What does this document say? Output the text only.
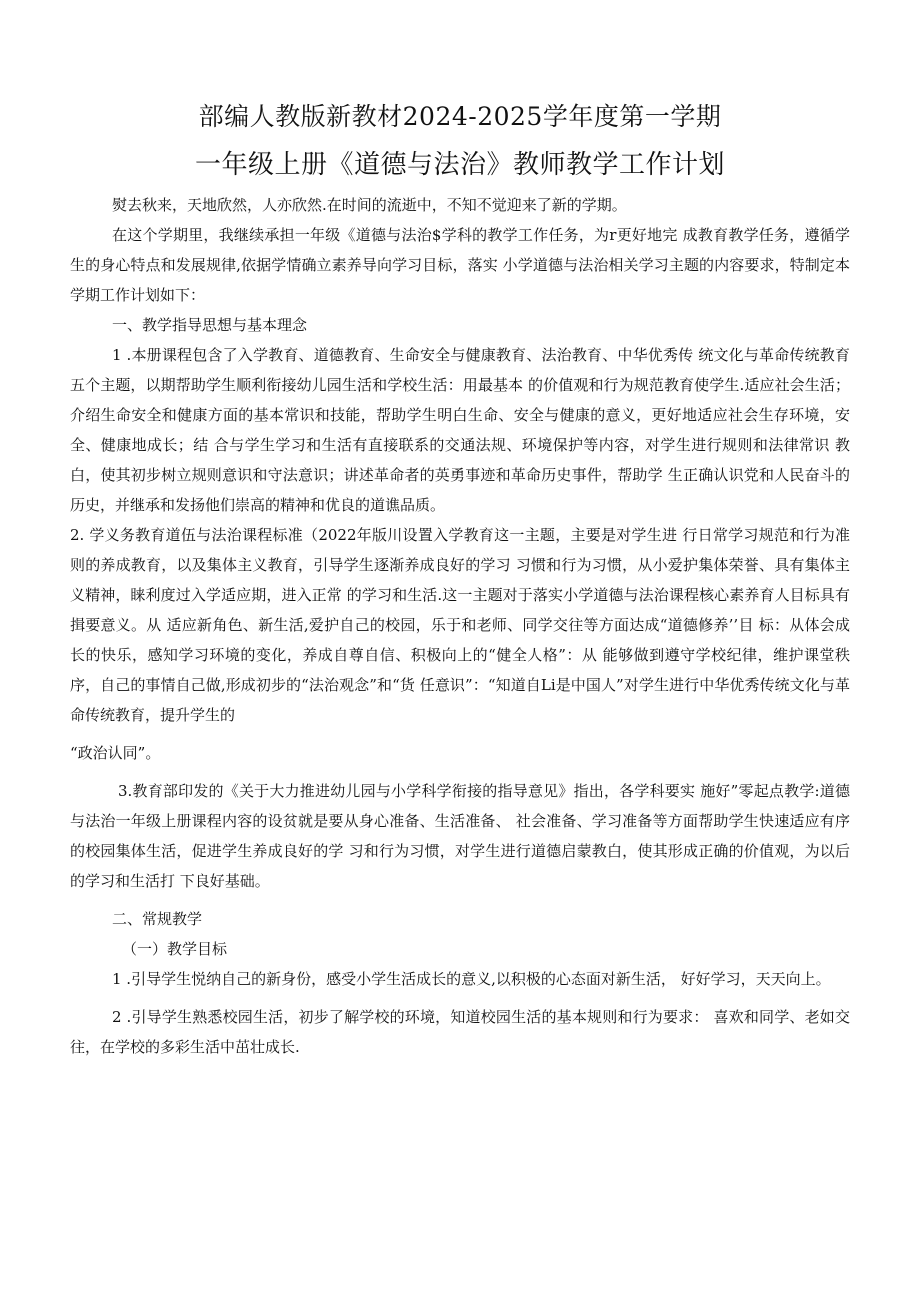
部编人教版新教材2024-2025学年度第一学期
一年级上册《道德与法治》教师教学工作计划

熨去秋来，天地欣然，人亦欣然.在时间的流逝中，不知不觉迎来了新的学期。

在这个学期里，我继续承担一年级《道德与法治$学科的教学工作任务，为r更好地完 成教育教学任务，遵循学生的身心特点和发展规律,依据学情确立素养导向学习目标，落实 小学道德与法治相关学习主题的内容要求，特制定本学期工作计划如下：

一、教学指导思想与基本理念

1 .本册课程包含了入学教育、道德教育、生命安全与健康教育、法治教育、中华优秀传 统文化与革命传统教育五个主题，以期帮助学生顺利衔接幼儿园生活和学校生活：用最基本 的价值观和行为规范教育使学生.适应社会生活；介绍生命安全和健康方面的基本常识和技能，帮助学生明白生命、安全与健康的意义，更好地适应社会生存环境，安全、健康地成长；结 合与学生学习和生活有直接联系的交通法规、环境保护等内容，对学生进行规则和法律常识 教白，使其初步树立规则意识和守法意识；讲述革命者的英勇事迹和革命历史事件，帮助学 生正确认识党和人民奋斗的历史，并继承和发扬他们崇高的精神和优良的道谯品质。

2. 学义务教育道伍与法治课程标准（2022年版川设置入学教育这一主题，主要是对学生进 行日常学习规范和行为准则的养成教育，以及集体主义教育，引导学生逐渐养成良好的学习 习惯和行为习惯，从小爱护集体荣誉、具有集体主义精神，睐利度过入学适应期，进入正常 的学习和生活.这一主题对于落实小学道德与法治课程核心素养育人目标具有揖要意义。从 适应新角色、新生活,爱护自己的校园，乐于和老师、同学交往等方面达成“道德修养’’目 标：从体会成长的快乐，感知学习环境的变化，养成自尊自信、积极向上的“健全人格”：从 能够做到遵守学校纪律，维护课堂秩序，自己的事情自己做,形成初步的“法治观念”和“货 任意识”：“知道自Li是中国人”对学生进行中华优秀传统文化与革命传统教育，提升学生的

“政治认同”。

3.教育部印发的《关于大力推进幼儿园与小学科学衔接的指导意见》指出，各学科要实 施好”零起点教学:道德与法治一年级上册课程内容的设贫就是要从身心准备、生活准备、 社会准备、学习准备等方面帮助学生快速适应有序的校园集体生活，促进学生养成良好的学 习和行为习惯，对学生进行道德启蒙教白，使其形成正确的价值观，为以后的学习和生活打 下良好基础。

二、常规教学

（一）教学目标

1 .引导学生悦纳自己的新身份，感受小学生活成长的意义,以积极的心态面对新生活， 好好学习，天天向上。

2 .引导学生熟悉校园生活，初步了解学校的环境，知道校园生活的基本规则和行为要求： 喜欢和同学、老如交往，在学校的多彩生活中茁壮成长.
